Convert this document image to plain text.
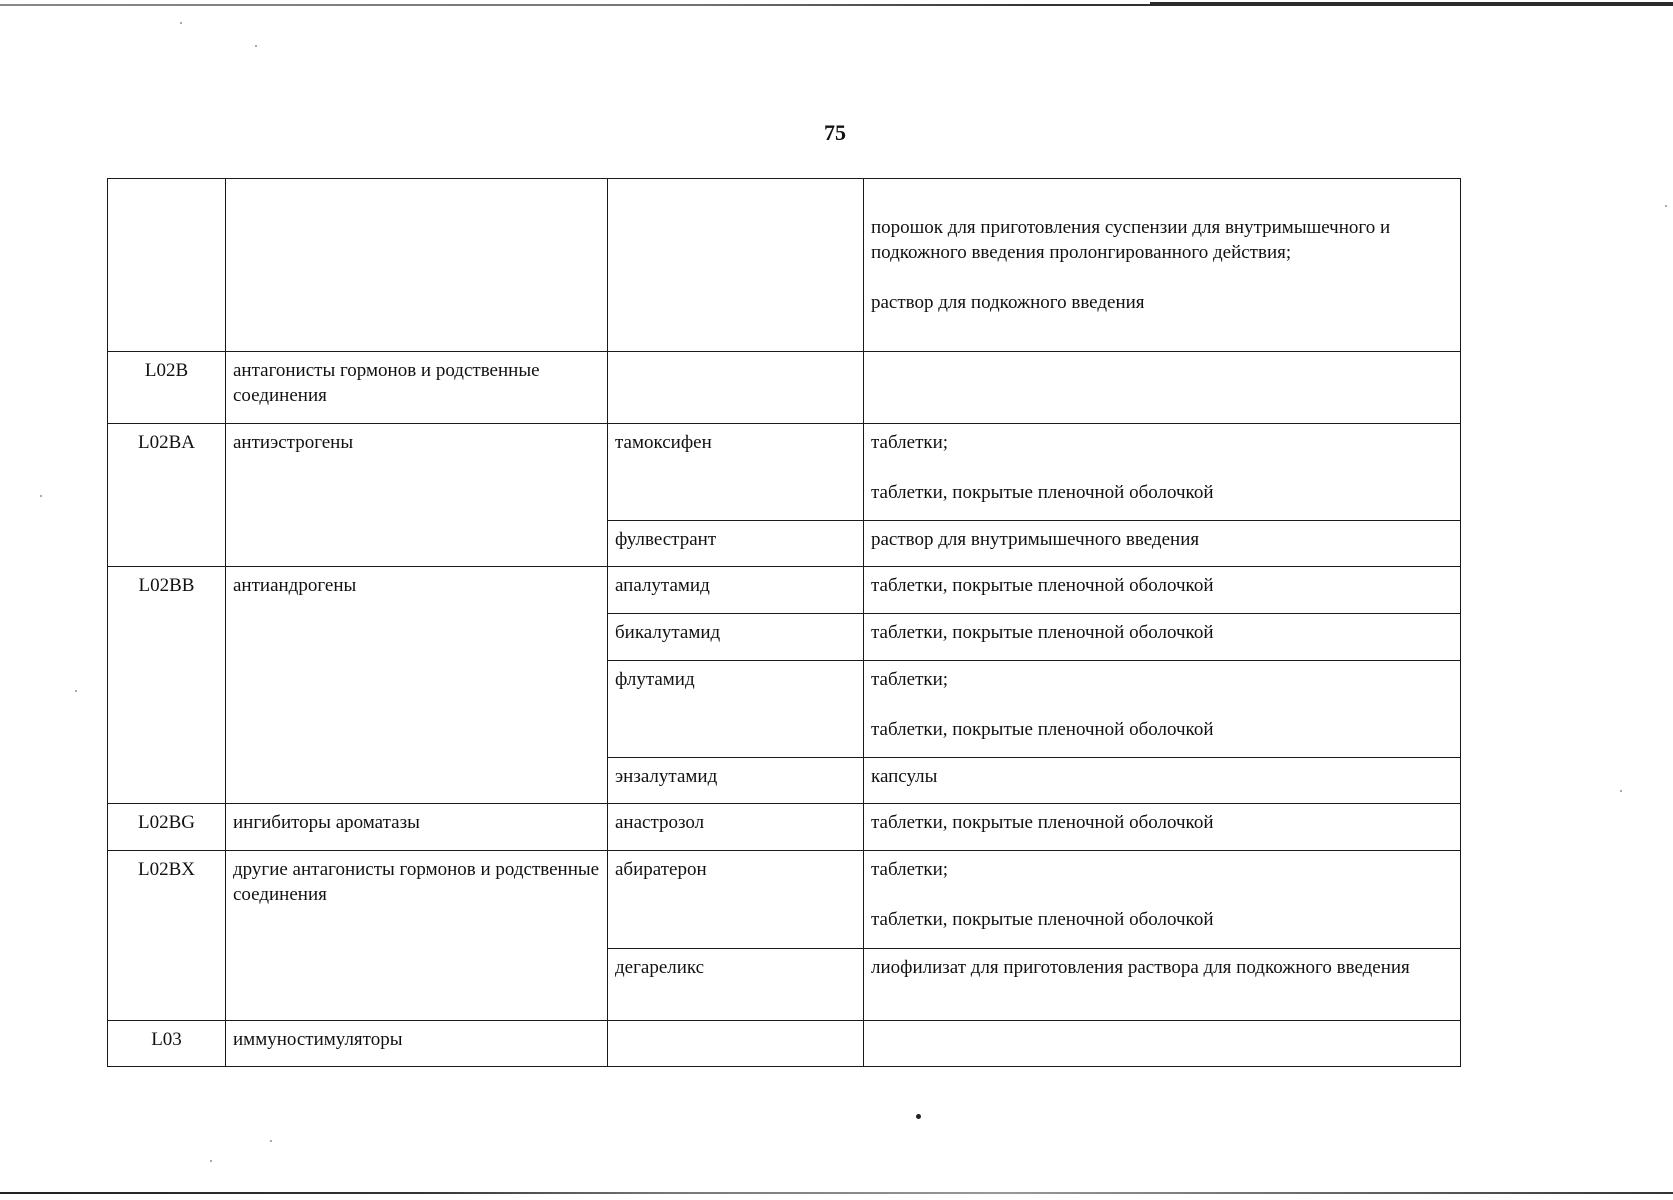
75

			порошок для приготовления суспензии для внутримышечного и подкожного введения пролонгированного действия;
раствор для подкожного введения

L02B	антагонисты гормонов и родственные соединения		
L02BA	антиэстрогены	тамоксифен	таблетки;
таблетки, покрытые пленочной оболочкой

		фулвестрант	раствор для внутримышечного введения

L02BB	антиандрогены	апалутамид	таблетки, покрытые пленочной оболочкой

		бикалутамид	таблетки, покрытые пленочной оболочкой

		флутамид	таблетки;
таблетки, покрытые пленочной оболочкой

		энзалутамид	капсулы

L02BG	ингибиторы ароматазы	анастрозол	таблетки, покрытые пленочной оболочкой

L02BX	другие антагонисты гормонов и родственные соединения	абиратерон	таблетки;
таблетки, покрытые пленочной оболочкой

		дегареликс	лиофилизат для приготовления раствора для подкожного введения

L03	иммуностимуляторы		
